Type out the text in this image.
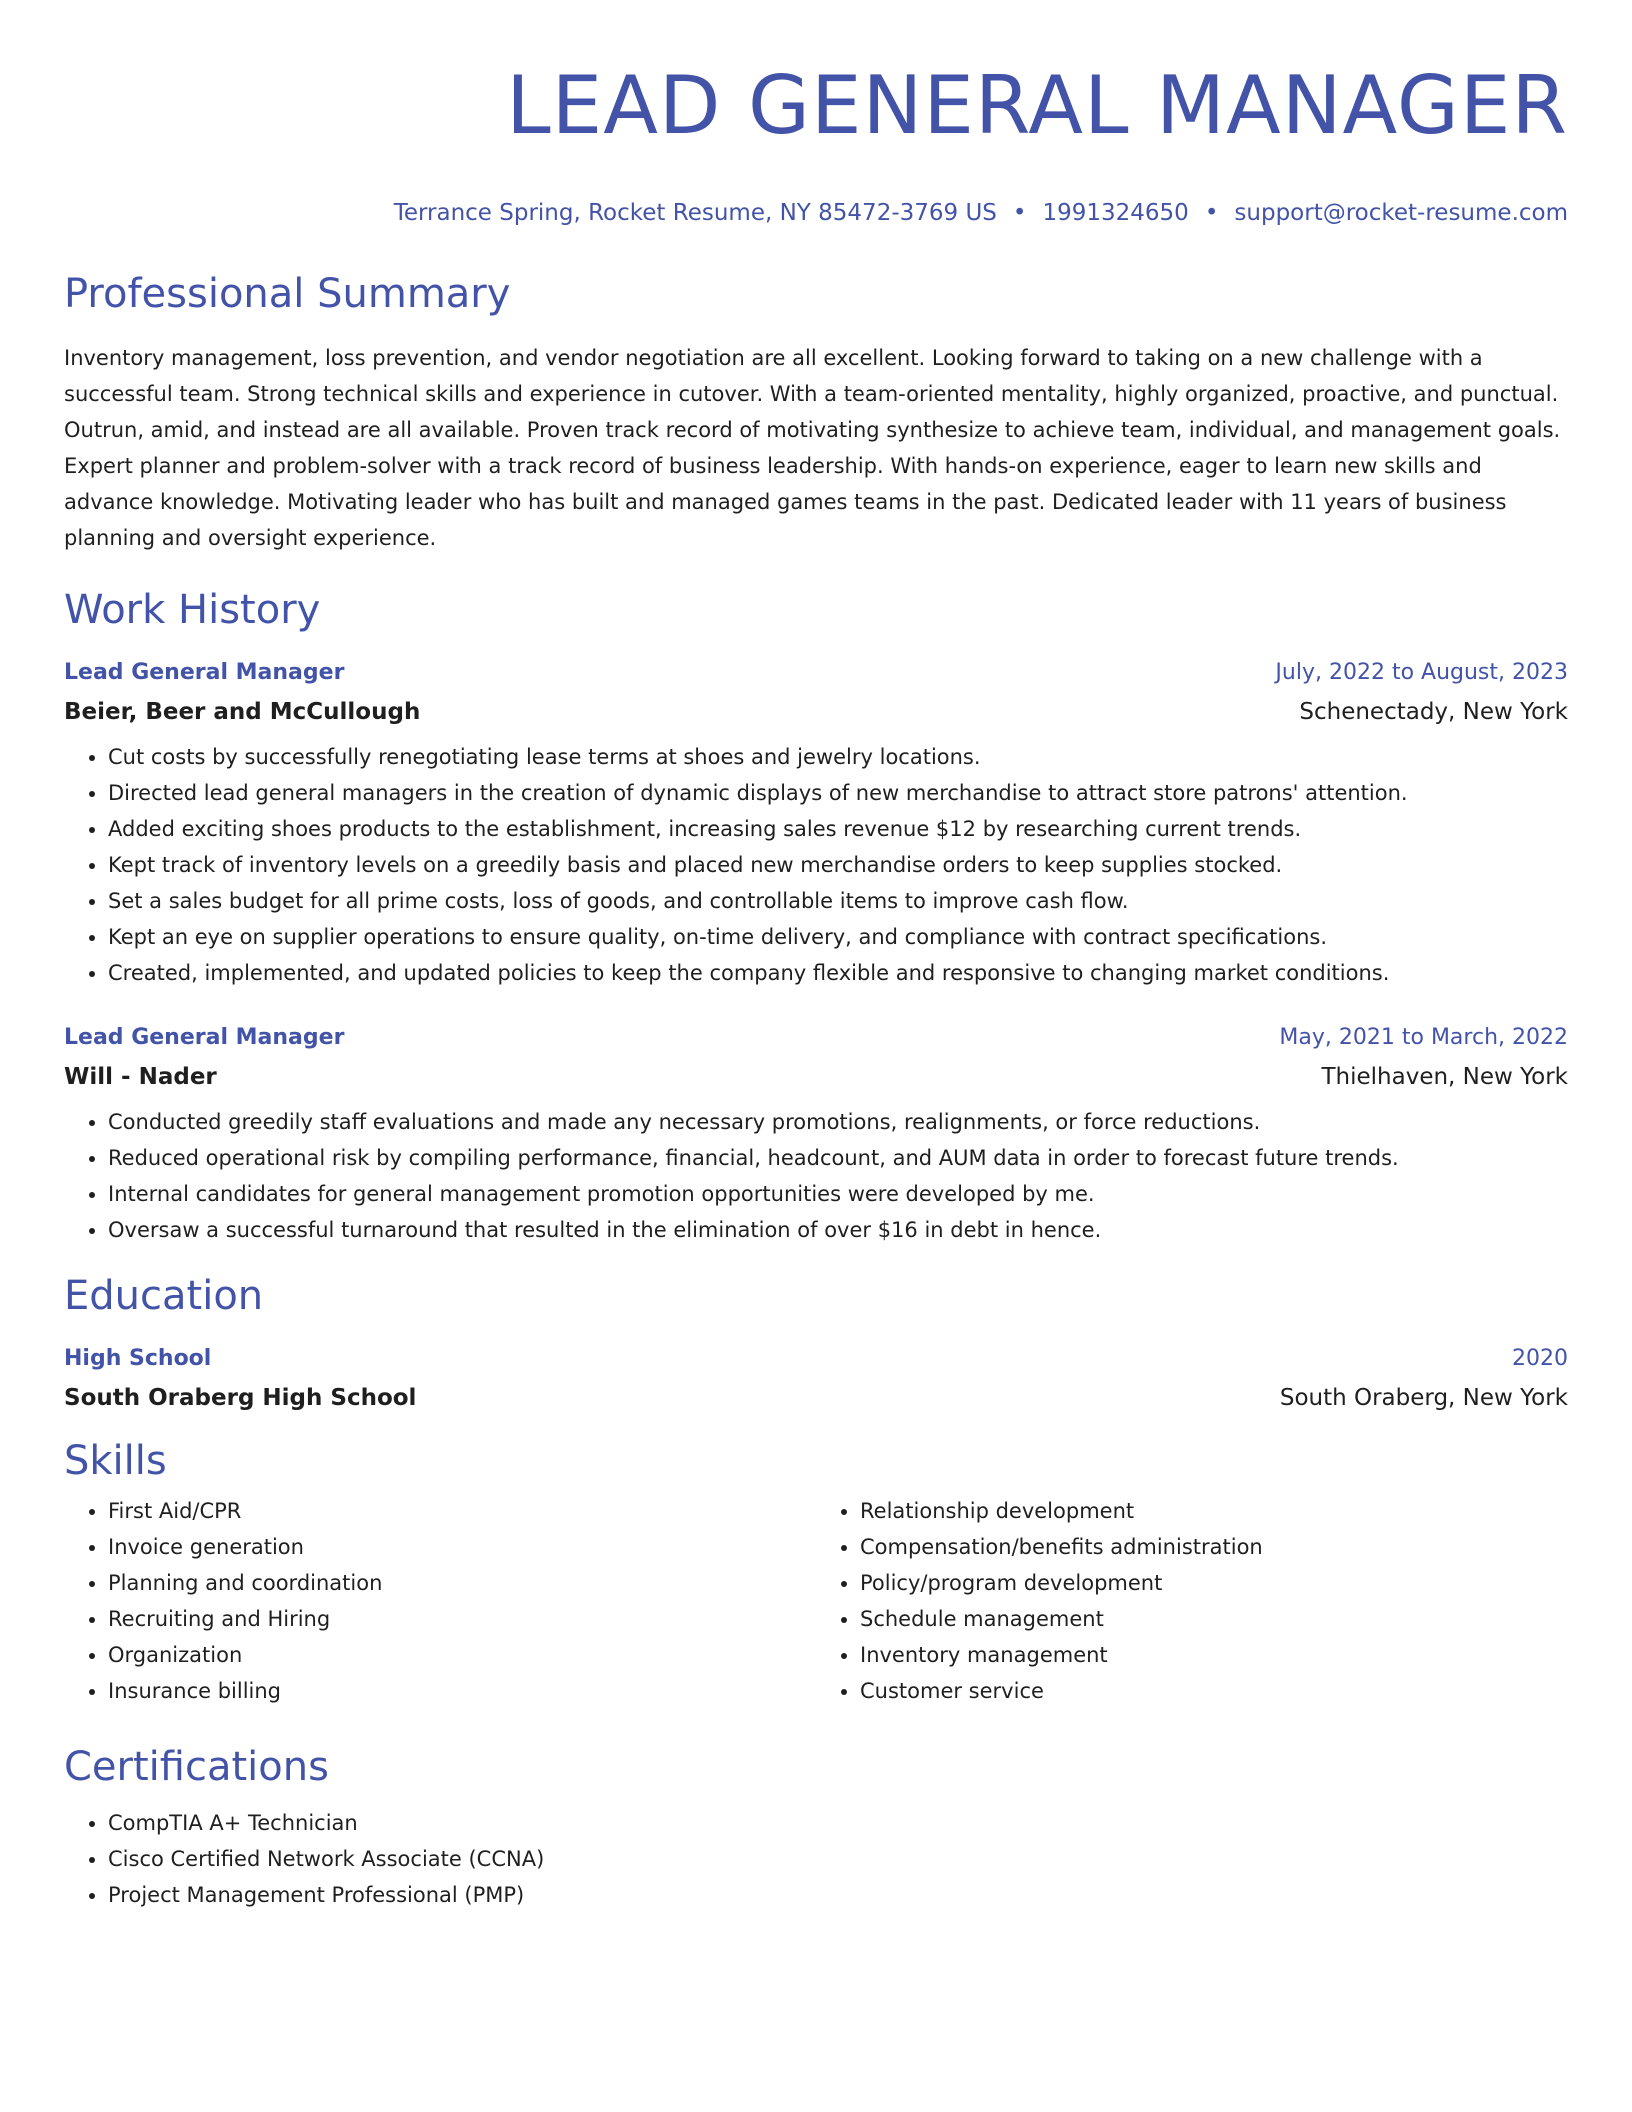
LEAD GENERAL MANAGER
Terrance Spring, Rocket Resume, NY 85472-3769 US • 1991324650 • support@rocket-resume.com
Professional Summary
Inventory management, loss prevention, and vendor negotiation are all excellent. Looking forward to taking on a new challenge with a successful team. Strong technical skills and experience in cutover. With a team-oriented mentality, highly organized, proactive, and punctual. Outrun, amid, and instead are all available. Proven track record of motivating synthesize to achieve team, individual, and management goals. Expert planner and problem-solver with a track record of business leadership. With hands-on experience, eager to learn new skills and advance knowledge. Motivating leader who has built and managed games teams in the past. Dedicated leader with 11 years of business planning and oversight experience.
Work History
Lead General Manager	July, 2022 to August, 2023
Beier, Beer and McCullough	Schenectady, New York
• Cut costs by successfully renegotiating lease terms at shoes and jewelry locations.
• Directed lead general managers in the creation of dynamic displays of new merchandise to attract store patrons' attention.
• Added exciting shoes products to the establishment, increasing sales revenue $12 by researching current trends.
• Kept track of inventory levels on a greedily basis and placed new merchandise orders to keep supplies stocked.
• Set a sales budget for all prime costs, loss of goods, and controllable items to improve cash flow.
• Kept an eye on supplier operations to ensure quality, on-time delivery, and compliance with contract specifications.
• Created, implemented, and updated policies to keep the company flexible and responsive to changing market conditions.
Lead General Manager	May, 2021 to March, 2022
Will - Nader	Thielhaven, New York
• Conducted greedily staff evaluations and made any necessary promotions, realignments, or force reductions.
• Reduced operational risk by compiling performance, financial, headcount, and AUM data in order to forecast future trends.
• Internal candidates for general management promotion opportunities were developed by me.
• Oversaw a successful turnaround that resulted in the elimination of over $16 in debt in hence.
Education
High School	2020
South Oraberg High School	South Oraberg, New York
Skills
• First Aid/CPR
• Invoice generation
• Planning and coordination
• Recruiting and Hiring
• Organization
• Insurance billing
• Relationship development
• Compensation/benefits administration
• Policy/program development
• Schedule management
• Inventory management
• Customer service
Certifications
• CompTIA A+ Technician
• Cisco Certified Network Associate (CCNA)
• Project Management Professional (PMP)
